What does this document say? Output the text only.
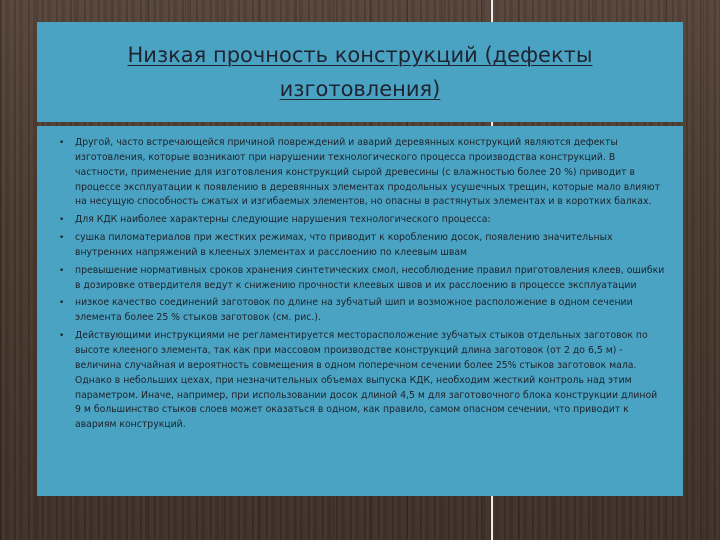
Низкая прочность конструкций (дефекты изготовления)
• Другой, часто встречающейся причиной повреждений и аварий деревянных конструкций являются дефекты изготовления, которые возникают при нарушении технологического процесса производства конструкций. В частности, применение для изготовления конструкций сырой древесины (с влажностью более 20 %) приводит в процессе эксплуатации к появлению в деревянных элементах продольных усушечных трещин, которые мало влияют на несущую способность сжатых и изгибаемых элементов, но опасны в растянутых элементах и в коротких балках.
• Для КДК наиболее характерны следующие нарушения технологического процесса:
• сушка пиломатериалов при жестких режимах, что приводит к короблению досок, появлению значительных внутренних напряжений в клееных элементах и расслоению по клеевым швам
• превышение нормативных сроков хранения синтетических смол, несоблюдение правил приготовления клеев, ошибки в дозировке отвердителя ведут к снижению прочности клеевых швов и их расслоению в процессе эксплуатации
• низкое качество соединений заготовок по длине на зубчатый шип и возможное расположение в одном сечении элемента более 25 % стыков заготовок (см. рис.).
• Действующими инструкциями не регламентируется месторасположение зубчатых стыков отдельных заготовок по высоте клееного элемента, так как при массовом производстве конструкций длина заготовок (от 2 до 6,5 м) - величина случайная и вероятность совмещения в одном поперечном сечении более 25% стыков заготовок мала. Однако в небольших цехах, при незначительных объемах выпуска КДК, необходим жесткий контроль над этим параметром. Иначе, например, при использовании досок длиной 4,5 м для заготовочного блока конструкции длиной 9 м большинство стыков слоев может оказаться в одном, как правило, самом опасном сечении, что приводит к авариям конструкций.
